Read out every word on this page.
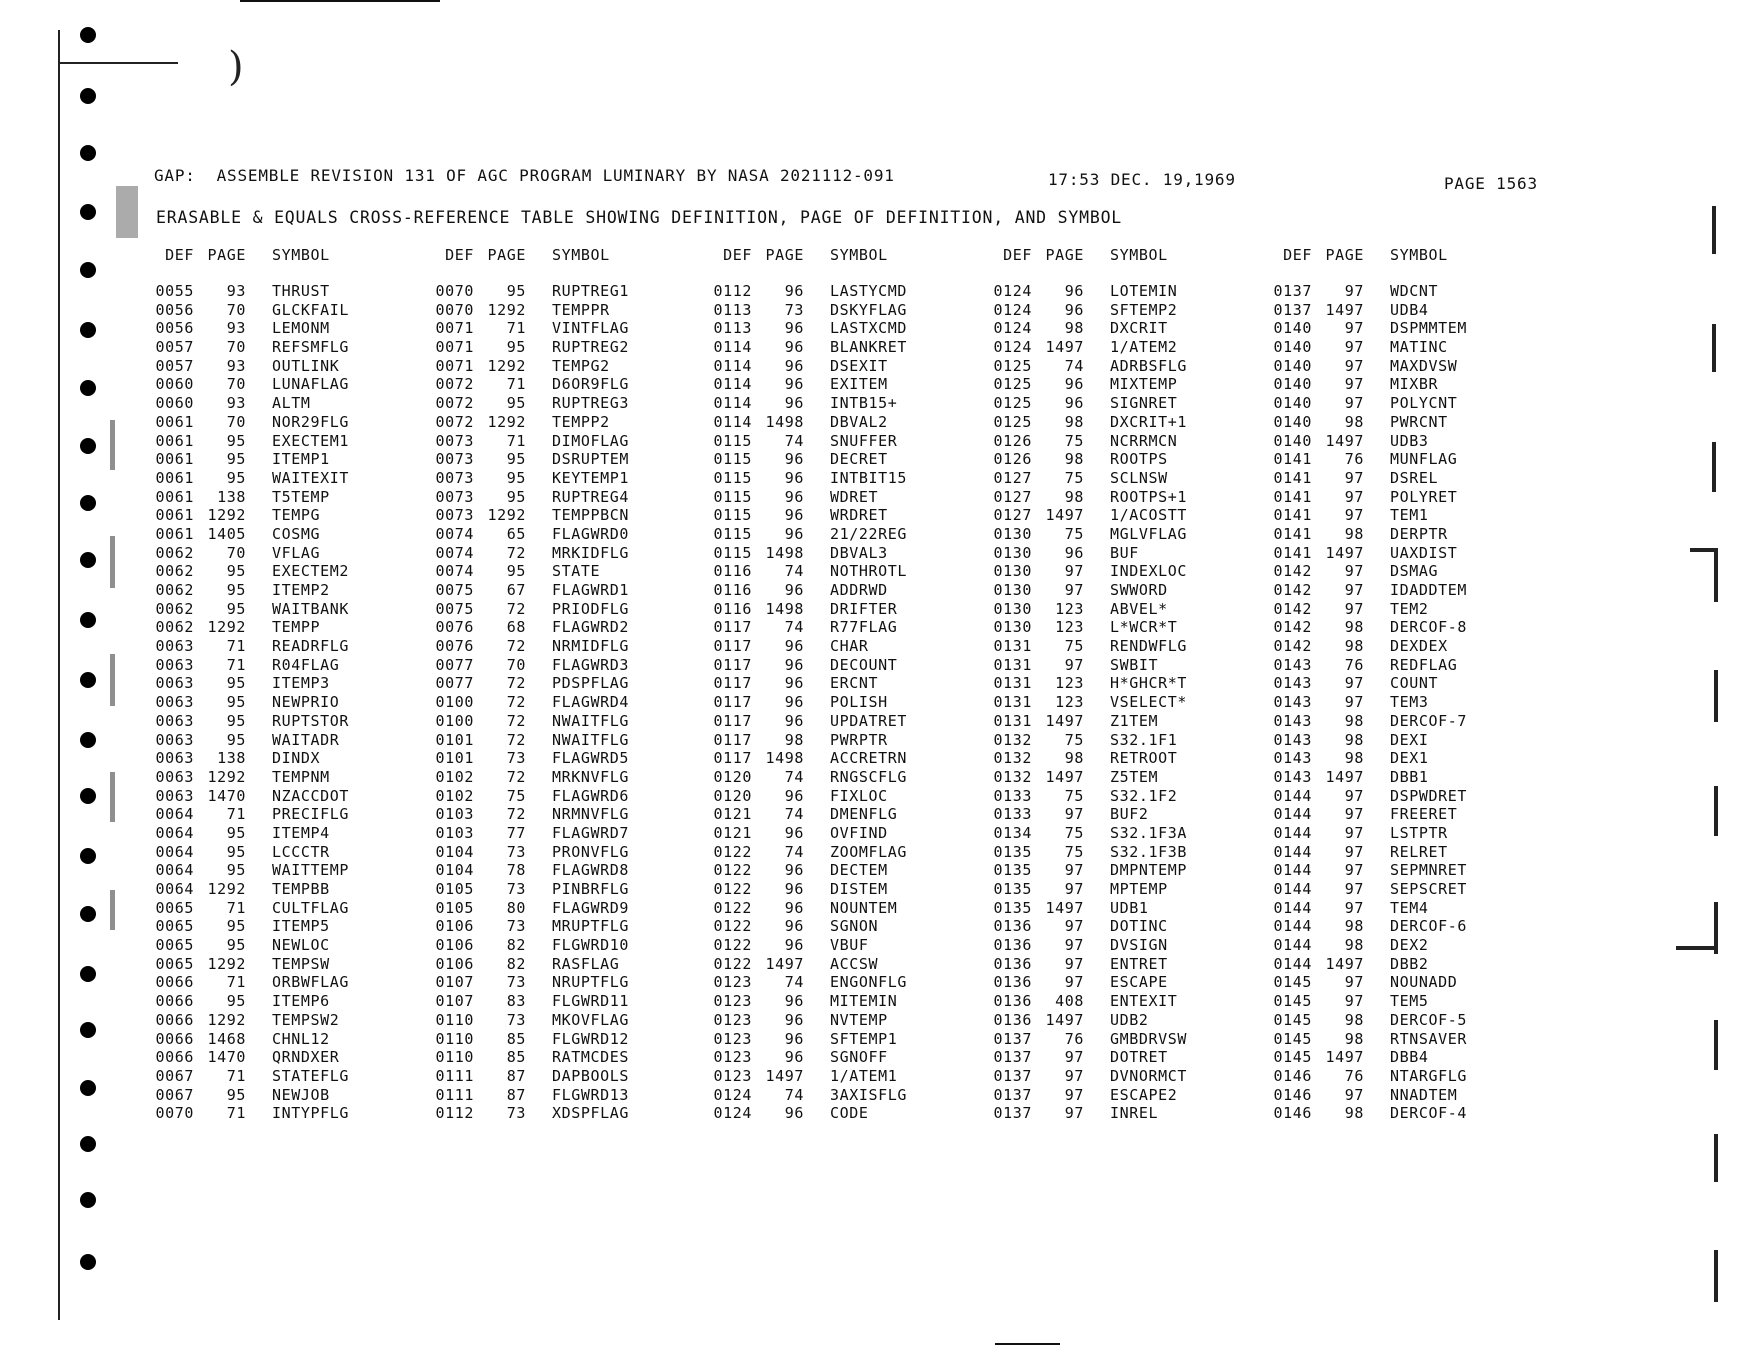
)
GAP:  ASSEMBLE REVISION 131 OF AGC PROGRAM LUMINARY BY NASA 2021112-091	17:53 DEC. 19,1969	PAGE 1563
ERASABLE & EQUALS CROSS-REFERENCE TABLE SHOWING DEFINITION, PAGE OF DEFINITION, AND SYMBOL
DEF PAGE	SYMBOL
0055	93	THRUST
0056	70	GLCKFAIL
0056	93	LEMONM
0057	70	REFSMFLG
0057	93	OUTLINK
0060	70	LUNAFLAG
0060	93	ALTM
0061	70	NOR29FLG
0061	95	EXECTEM1
0061	95	ITEMP1
0061	95	WAITEXIT
0061	138	T5TEMP
0061 1292	TEMPG
0061 1405	COSMG
0062	70	VFLAG
0062	95	EXECTEM2
0062	95	ITEMP2
0062	95	WAITBANK
0062 1292	TEMPP
0063	71	READRFLG
0063	71	R04FLAG
0063	95	ITEMP3
0063	95	NEWPRIO
0063	95	RUPTSTOR
0063	95	WAITADR
0063	138	DINDX
0063 1292	TEMPNM
0063 1470	NZACCDOT
0064	71	PRECIFLG
0064	95	ITEMP4
0064	95	LCCCTR
0064	95	WAITTEMP
0064 1292	TEMPBB
0065	71	CULTFLAG
0065	95	ITEMP5
0065	95	NEWLOC
0065 1292	TEMPSW
0066	71	ORBWFLAG
0066	95	ITEMP6
0066 1292	TEMPSW2
0066 1468	CHNL12
0066 1470	QRNDXER
0067	71	STATEFLG
0067	95	NEWJOB
0070	71	INTYPFLG
DEF PAGE	SYMBOL
0070	95	RUPTREG1
0070 1292	TEMPPR
0071	71	VINTFLAG
0071	95	RUPTREG2
0071 1292	TEMPG2
0072	71	D6OR9FLG
0072	95	RUPTREG3
0072 1292	TEMPP2
0073	71	DIMOFLAG
0073	95	DSRUPTEM
0073	95	KEYTEMP1
0073	95	RUPTREG4
0073 1292	TEMPPBCN
0074	65	FLAGWRD0
0074	72	MRKIDFLG
0074	95	STATE
0075	67	FLAGWRD1
0075	72	PRIODFLG
0076	68	FLAGWRD2
0076	72	NRMIDFLG
0077	70	FLAGWRD3
0077	72	PDSPFLAG
0100	72	FLAGWRD4
0100	72	NWAITFLG
0101	72	NWAITFLG
0101	73	FLAGWRD5
0102	72	MRKNVFLG
0102	75	FLAGWRD6
0103	72	NRMNVFLG
0103	77	FLAGWRD7
0104	73	PRONVFLG
0104	78	FLAGWRD8
0105	73	PINBRFLG
0105	80	FLAGWRD9
0106	73	MRUPTFLG
0106	82	FLGWRD10
0106	82	RASFLAG
0107	73	NRUPTFLG
0107	83	FLGWRD11
0110	73	MKOVFLAG
0110	85	FLGWRD12
0110	85	RATMCDES
0111	87	DAPBOOLS
0111	87	FLGWRD13
0112	73	XDSPFLAG
DEF PAGE	SYMBOL
0112	96	LASTYCMD
0113	73	DSKYFLAG
0113	96	LASTXCMD
0114	96	BLANKRET
0114	96	DSEXIT
0114	96	EXITEM
0114	96	INTB15+
0114 1498	DBVAL2
0115	74	SNUFFER
0115	96	DECRET
0115	96	INTBIT15
0115	96	WDRET
0115	96	WRDRET
0115	96	21/22REG
0115 1498	DBVAL3
0116	74	NOTHROTL
0116	96	ADDRWD
0116 1498	DRIFTER
0117	74	R77FLAG
0117	96	CHAR
0117	96	DECOUNT
0117	96	ERCNT
0117	96	POLISH
0117	96	UPDATRET
0117	98	PWRPTR
0117 1498	ACCRETRN
0120	74	RNGSCFLG
0120	96	FIXLOC
0121	74	DMENFLG
0121	96	OVFIND
0122	74	ZOOMFLAG
0122	96	DECTEM
0122	96	DISTEM
0122	96	NOUNTEM
0122	96	SGNON
0122	96	VBUF
0122 1497	ACCSW
0123	74	ENGONFLG
0123	96	MITEMIN
0123	96	NVTEMP
0123	96	SFTEMP1
0123	96	SGNOFF
0123 1497	1/ATEM1
0124	74	3AXISFLG
0124	96	CODE
DEF PAGE	SYMBOL
0124	96	LOTEMIN
0124	96	SFTEMP2
0124	98	DXCRIT
0124 1497	1/ATEM2
0125	74	ADRBSFLG
0125	96	MIXTEMP
0125	96	SIGNRET
0125	98	DXCRIT+1
0126	75	NCRRMCN
0126	98	ROOTPS
0127	75	SCLNSW
0127	98	ROOTPS+1
0127 1497	1/ACOSTT
0130	75	MGLVFLAG
0130	96	BUF
0130	97	INDEXLOC
0130	97	SWWORD
0130	123	ABVEL*
0130	123	L*WCR*T
0131	75	RENDWFLG
0131	97	SWBIT
0131	123	H*GHCR*T
0131	123	VSELECT*
0131 1497	Z1TEM
0132	75	S32.1F1
0132	98	RETROOT
0132 1497	Z5TEM
0133	75	S32.1F2
0133	97	BUF2
0134	75	S32.1F3A
0135	75	S32.1F3B
0135	97	DMPNTEMP
0135	97	MPTEMP
0135 1497	UDB1
0136	97	DOTINC
0136	97	DVSIGN
0136	97	ENTRET
0136	97	ESCAPE
0136	408	ENTEXIT
0136 1497	UDB2
0137	76	GMBDRVSW
0137	97	DOTRET
0137	97	DVNORMCT
0137	97	ESCAPE2
0137	97	INREL
DEF PAGE	SYMBOL
0137	97	WDCNT
0137 1497	UDB4
0140	97	DSPMMTEM
0140	97	MATINC
0140	97	MAXDVSW
0140	97	MIXBR
0140	97	POLYCNT
0140	98	PWRCNT
0140 1497	UDB3
0141	76	MUNFLAG
0141	97	DSREL
0141	97	POLYRET
0141	97	TEM1
0141	98	DERPTR
0141 1497	UAXDIST
0142	97	DSMAG
0142	97	IDADDTEM
0142	97	TEM2
0142	98	DERCOF-8
0142	98	DEXDEX
0143	76	REDFLAG
0143	97	COUNT
0143	97	TEM3
0143	98	DERCOF-7
0143	98	DEXI
0143	98	DEX1
0143 1497	DBB1
0144	97	DSPWDRET
0144	97	FREERET
0144	97	LSTPTR
0144	97	RELRET
0144	97	SEPMNRET
0144	97	SEPSCRET
0144	97	TEM4
0144	98	DERCOF-6
0144	98	DEX2
0144 1497	DBB2
0145	97	NOUNADD
0145	97	TEM5
0145	98	DERCOF-5
0145	98	RTNSAVER
0145 1497	DBB4
0146	76	NTARGFLG
0146	97	NNADTEM
0146	98	DERCOF-4
